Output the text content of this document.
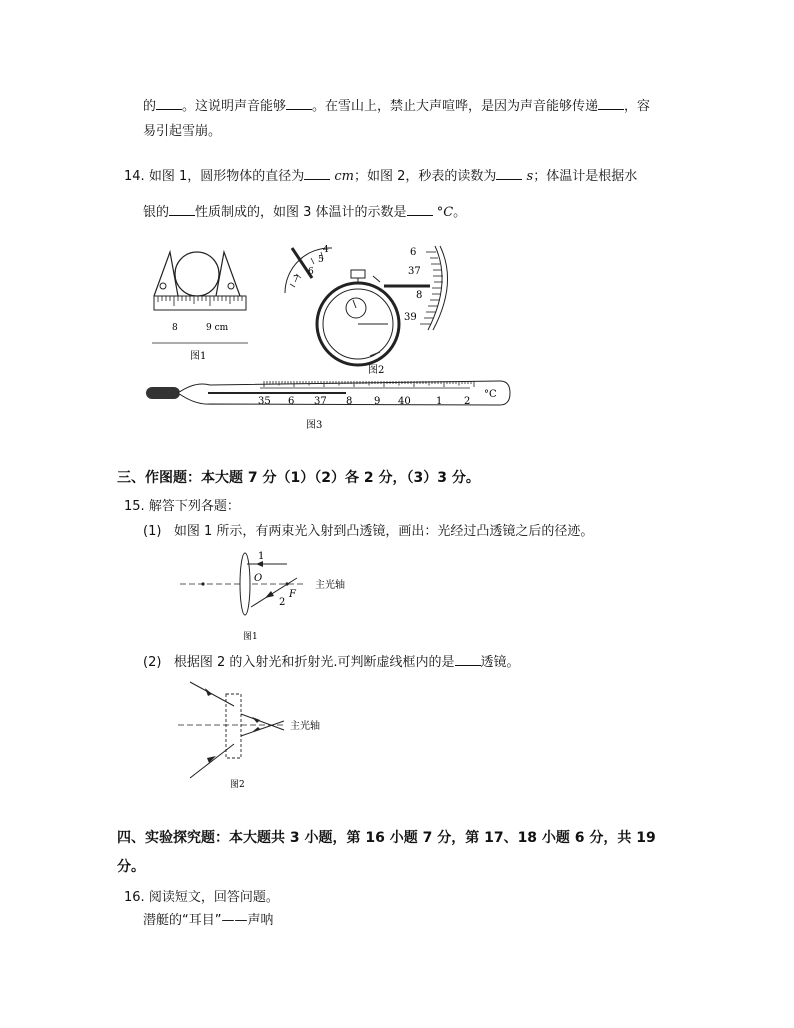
的 。这说明声音能够 。在雪山上，禁止大声喧哗，是因为声音能够传递 ，容
易引起雪崩。
14. 如图 1，圆形物体的直径为 cm；如图 2，秒表的读数为 s；体温计是根据水
银的 性质制成的，如图 3 体温计的示数是 °C。
8	9 cm
图1
4
5
6
7
图2
6
37
8
39
35 6 37 8 9 40	1 2
°C
图3
三、作图题：本大题 7 分（1）（2）各 2 分，（3）3 分。
15. 解答下列各题：
(1) 如图 1 所示，有两束光入射到凸透镜，画出：光经过凸透镜之后的径迹。
1
2
O
F
主光轴
图1
(2) 根据图 2 的入射光和折射光.可判断虚线框内的是 透镜。
主光轴
图2
四、实验探究题：本大题共 3 小题，第 16 小题 7 分，第 17、18 小题 6 分，共 19
分。
16. 阅读短文，回答问题。
潜艇的“耳目”——声呐
